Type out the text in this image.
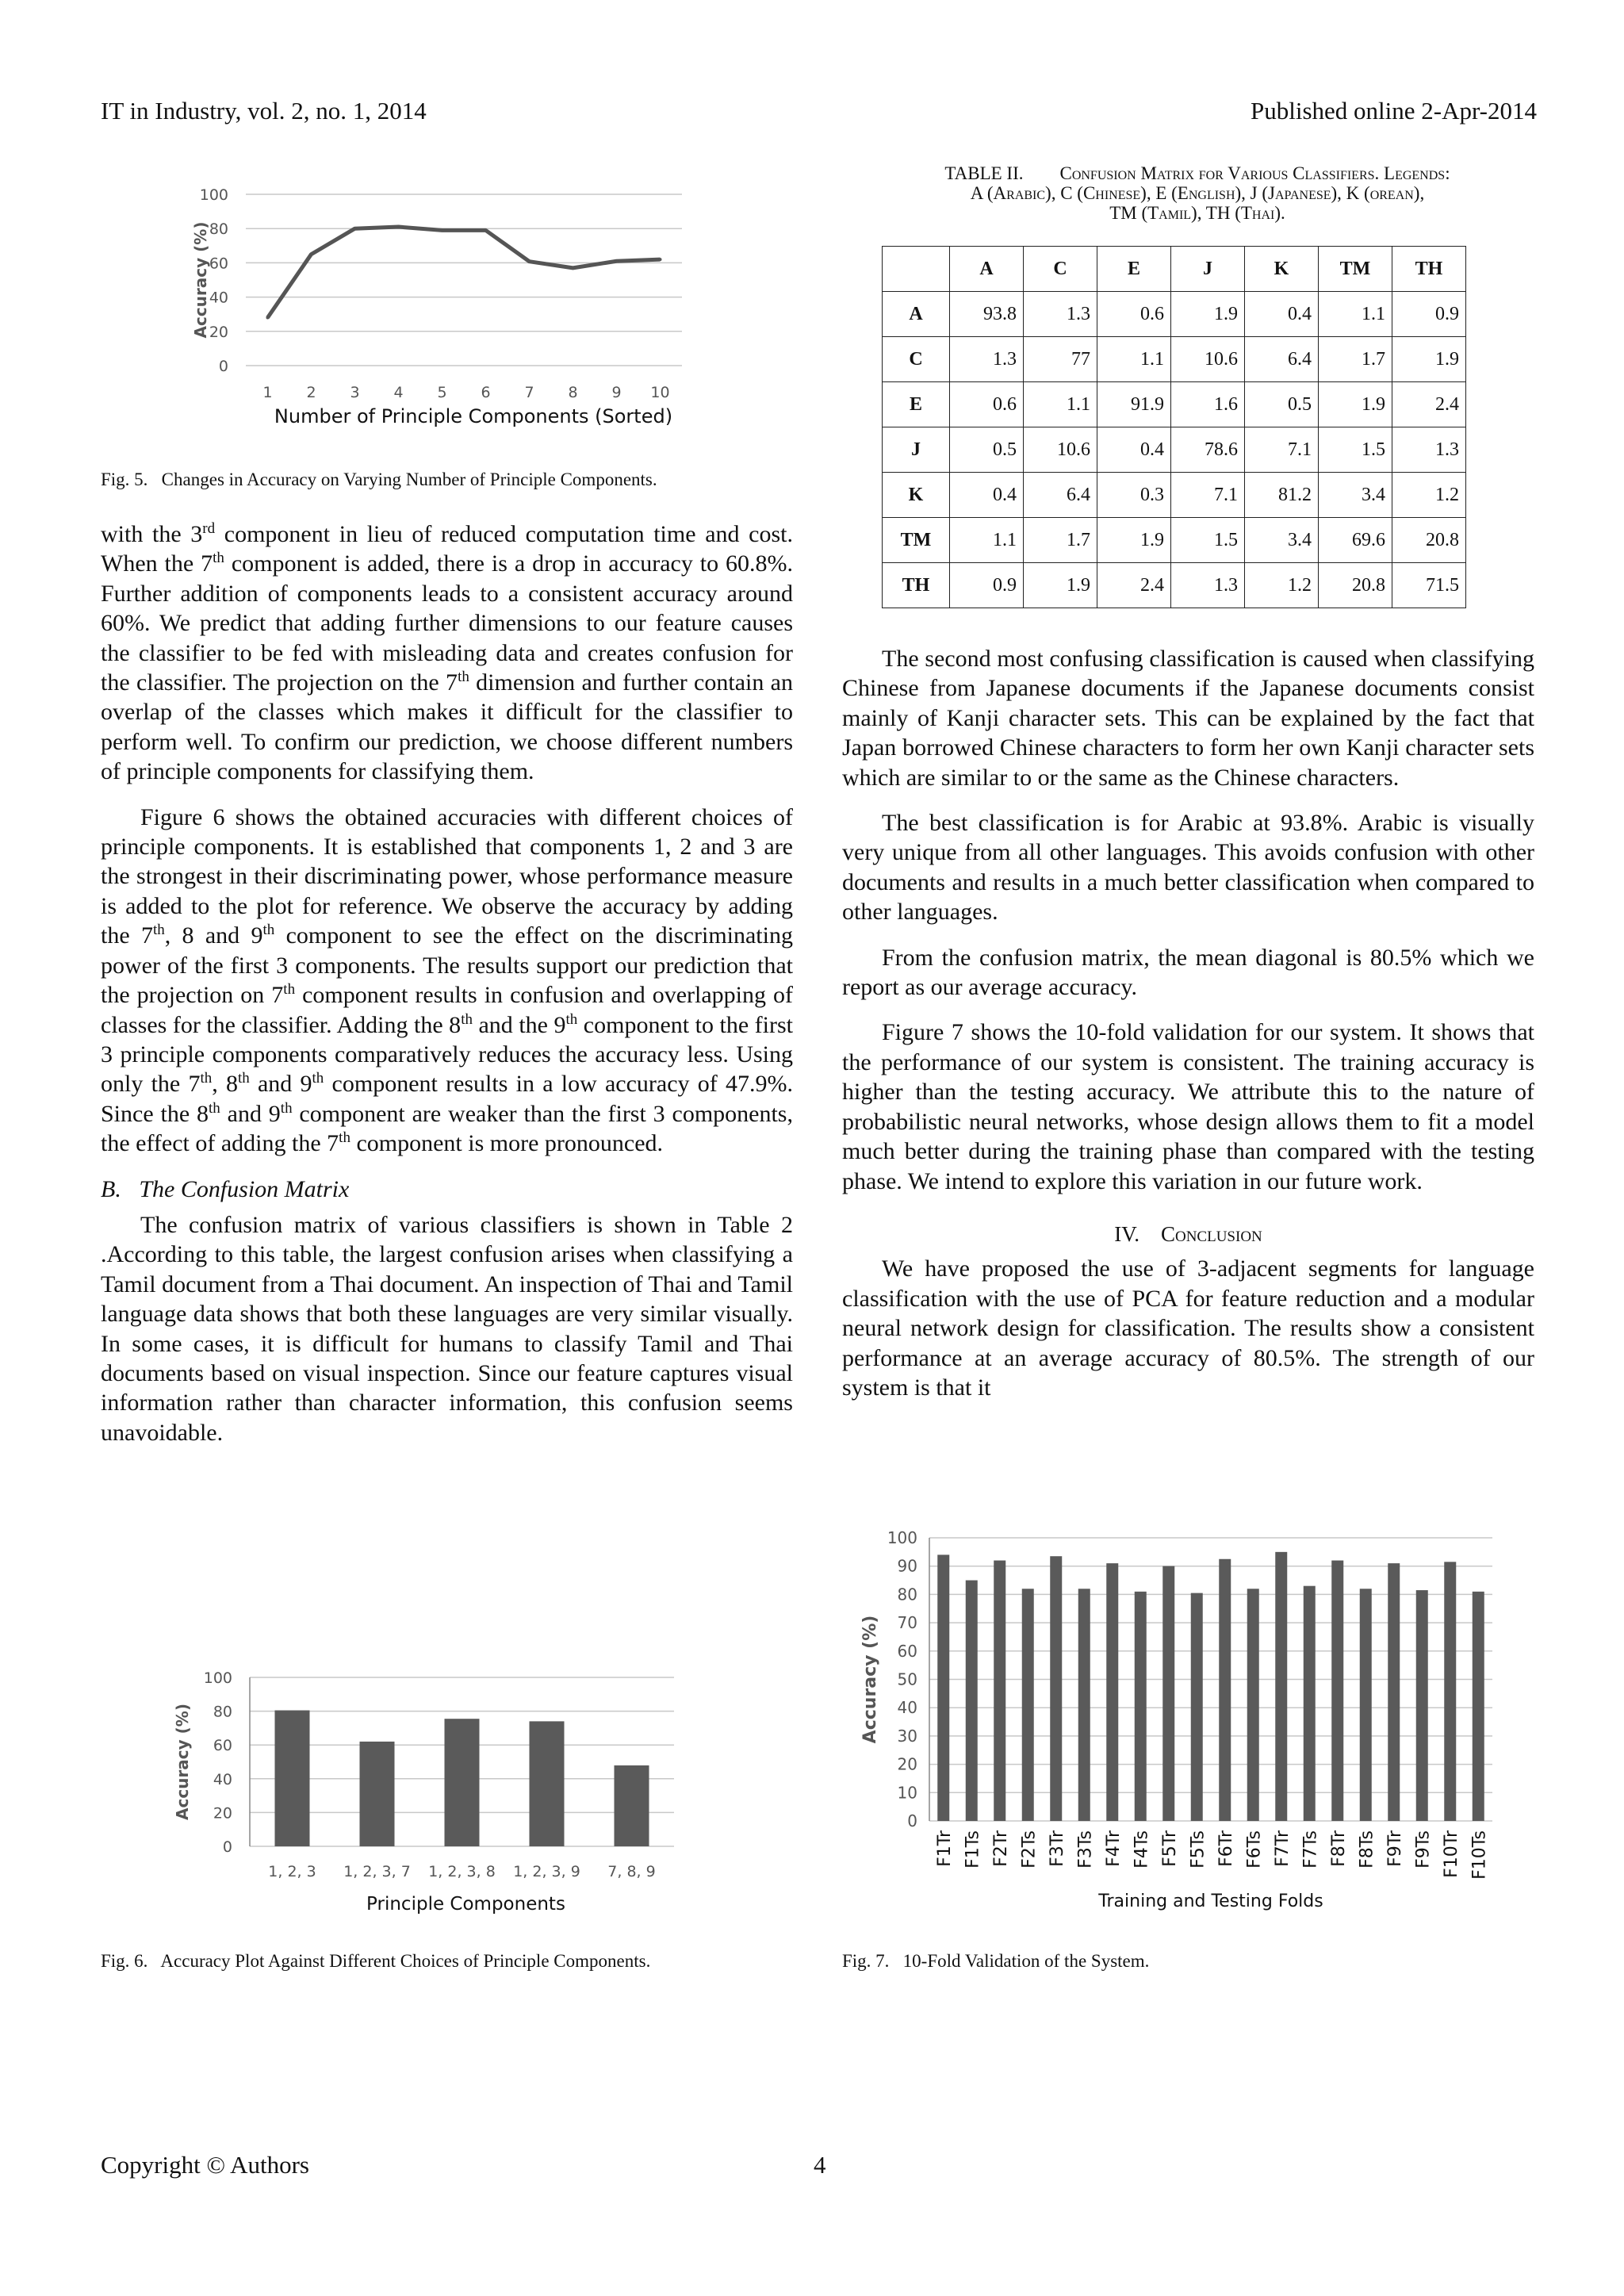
IT in Industry, vol. 2, no. 1, 2014	Published online 2-Apr-2014
0
20
40
60
80
100
1 2 3 4 5 6 7 8 9 10
Accuracy (%)
Number of Principle Components (Sorted)
Fig. 5.   Changes in Accuracy on Varying Number of Principle Components.

with the 3rd component in lieu of reduced computation time and cost. When the 7th component is added, there is a drop in accuracy to 60.8%. Further addition of components leads to a consistent accuracy around 60%. We predict that adding further dimensions to our feature causes the classifier to be fed with misleading data and creates confusion for the classifier. The projection on the 7th dimension and further contain an overlap of the classes which makes it difficult for the classifier to perform well. To confirm our prediction, we choose different numbers of principle components for classifying them.

Figure 6 shows the obtained accuracies with different choices of principle components. It is established that components 1, 2 and 3 are the strongest in their discriminating power, whose performance measure is added to the plot for reference. We observe the accuracy by adding the 7th, 8 and 9th component to see the effect on the discriminating power of the first 3 components. The results support our prediction that the projection on 7th component results in confusion and overlapping of classes for the classifier. Adding the 8th and the 9th component to the first 3 principle components comparatively reduces the accuracy less. Using only the 7th, 8th and 9th component results in a low accuracy of 47.9%. Since the 8th and 9th component are weaker than the first 3 components, the effect of adding the 7th component is more pronounced.

B.   The Confusion Matrix

The confusion matrix of various classifiers is shown in Table 2 .According to this table, the largest confusion arises when classifying a Tamil document from a Thai document. An inspection of Thai and Tamil language data shows that both these languages are very similar visually. In some cases, it is difficult for humans to classify Tamil and Thai documents based on visual inspection. Since our feature captures visual information rather than character information, this confusion seems unavoidable.

0
20
40
60
80
100
1, 2, 3 1, 2, 3, 7 1, 2, 3, 8 1, 2, 3, 9 7, 8, 9
Accuracy (%)
Principle Components
Fig. 6.   Accuracy Plot Against Different Choices of Principle Components.
TABLE II. Confusion Matrix for Various Classifiers. Legends:
A (Arabic), C (Chinese), E (English), J (Japanese), K (orean),
TM (Tamil), TH (Thai).
	A	C	E	J	K	TM	TH
A	93.8	1.3	0.6	1.9	0.4	1.1	0.9
C	1.3	77	1.1	10.6	6.4	1.7	1.9
E	0.6	1.1	91.9	1.6	0.5	1.9	2.4
J	0.5	10.6	0.4	78.6	7.1	1.5	1.3
K	0.4	6.4	0.3	7.1	81.2	3.4	1.2
TM	1.1	1.7	1.9	1.5	3.4	69.6	20.8
TH	0.9	1.9	2.4	1.3	1.2	20.8	71.5

The second most confusing classification is caused when classifying Chinese from Japanese documents if the Japanese documents consist mainly of Kanji character sets. This can be explained by the fact that Japan borrowed Chinese characters to form her own Kanji character sets which are similar to or the same as the Chinese characters.

The best classification is for Arabic at 93.8%. Arabic is visually very unique from all other languages. This avoids confusion with other documents and results in a much better classification when compared to other languages.

From the confusion matrix, the mean diagonal is 80.5% which we report as our average accuracy.

Figure 7 shows the 10-fold validation for our system. It shows that the performance of our system is consistent. The training accuracy is higher than the testing accuracy. We attribute this to the nature of probabilistic neural networks, whose design allows them to fit a model much better during the training phase than compared with the testing phase. We intend to explore this variation in our future work.

IV. Conclusion

We have proposed the use of 3-adjacent segments for language classification with the use of PCA for feature reduction and a modular neural network design for classification. The results show a consistent performance at an average accuracy of 80.5%. The strength of our system is that it

0
10
20
30
40
50
60
70
80
90
100
F1Tr F1Ts F2Tr F2Ts F3Tr F3Ts F4Tr F4Ts F5Tr F5Ts F6Tr F6Ts F7Tr F7Ts F8Tr F8Ts F9Tr F9Ts F10Tr F10Ts
Accuracy (%)
Training and Testing Folds
Fig. 7.   10-Fold Validation of the System.
Copyright © Authors	4
